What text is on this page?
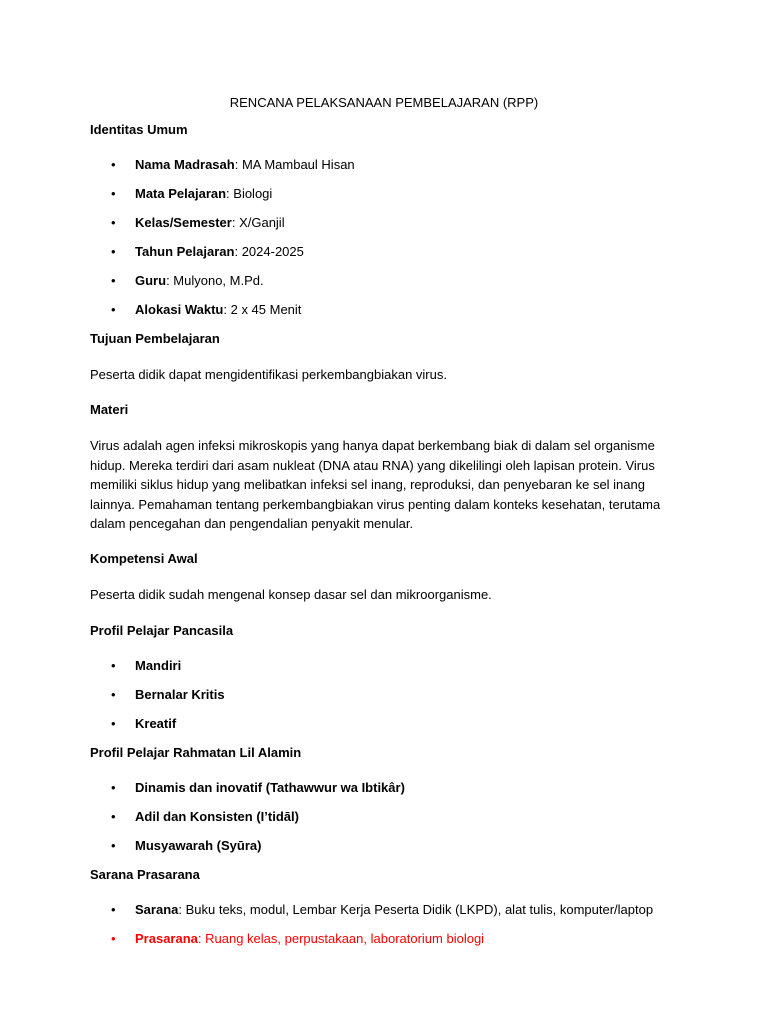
RENCANA PELAKSANAAN PEMBELAJARAN (RPP)
Identitas Umum
• Nama Madrasah: MA Mambaul Hisan
• Mata Pelajaran: Biologi
• Kelas/Semester: X/Ganjil
• Tahun Pelajaran: 2024-2025
• Guru: Mulyono, M.Pd.
• Alokasi Waktu: 2 x 45 Menit
Tujuan Pembelajaran
Peserta didik dapat mengidentifikasi perkembangbiakan virus.
Materi
Virus adalah agen infeksi mikroskopis yang hanya dapat berkembang biak di dalam sel organisme hidup. Mereka terdiri dari asam nukleat (DNA atau RNA) yang dikelilingi oleh lapisan protein. Virus memiliki siklus hidup yang melibatkan infeksi sel inang, reproduksi, dan penyebaran ke sel inang lainnya. Pemahaman tentang perkembangbiakan virus penting dalam konteks kesehatan, terutama dalam pencegahan dan pengendalian penyakit menular.
Kompetensi Awal
Peserta didik sudah mengenal konsep dasar sel dan mikroorganisme.
Profil Pelajar Pancasila
• Mandiri
• Bernalar Kritis
• Kreatif
Profil Pelajar Rahmatan Lil Alamin
• Dinamis dan inovatif (Tathawwur wa Ibtikâr)
• Adil dan Konsisten (I’tidāl)
• Musyawarah (Syūra)
Sarana Prasarana
• Sarana: Buku teks, modul, Lembar Kerja Peserta Didik (LKPD), alat tulis, komputer/laptop
• Prasarana: Ruang kelas, perpustakaan, laboratorium biologi
